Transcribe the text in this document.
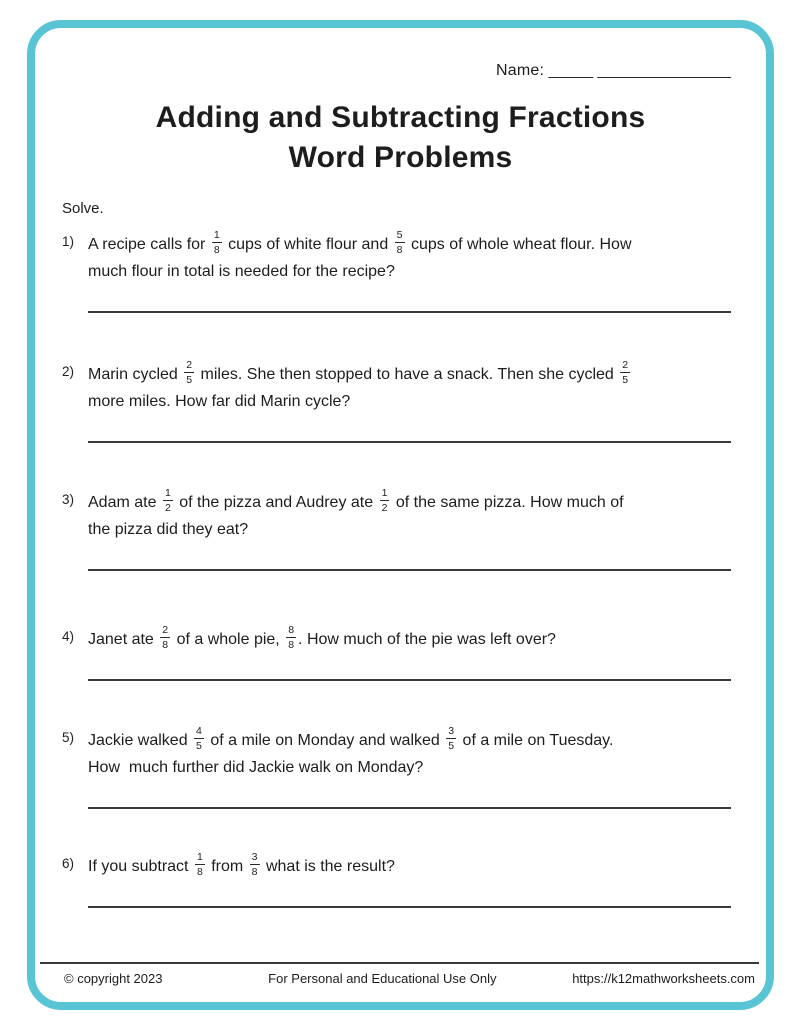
Name: _____ _______________
Adding and Subtracting Fractions
Word Problems
Solve.
1) A recipe calls for $\frac{1}{8}$ cups of white flour and $\frac{5}{8}$ cups of whole wheat flour. How
much flour in total is needed for the recipe?
2) Marin cycled $\frac{2}{5}$ miles. She then stopped to have a snack. Then she cycled $\frac{2}{5}$
more miles. How far did Marin cycle?
3) Adam ate $\frac{1}{2}$ of the pizza and Audrey ate $\frac{1}{2}$ of the same pizza. How much of
the pizza did they eat?
4) Janet ate $\frac{2}{8}$ of a whole pie, $\frac{8}{8}$ . How much of the pie was left over?
5) Jackie walked $\frac{4}{5}$ of a mile on Monday and walked $\frac{3}{5}$ of a mile on Tuesday.
How  much further did Jackie walk on Monday?
6) If you subtract $\frac{1}{8}$ from $\frac{3}{8}$ what is the result?
© copyright 2023	For Personal and Educational Use Only	https://k12mathworksheets.com
